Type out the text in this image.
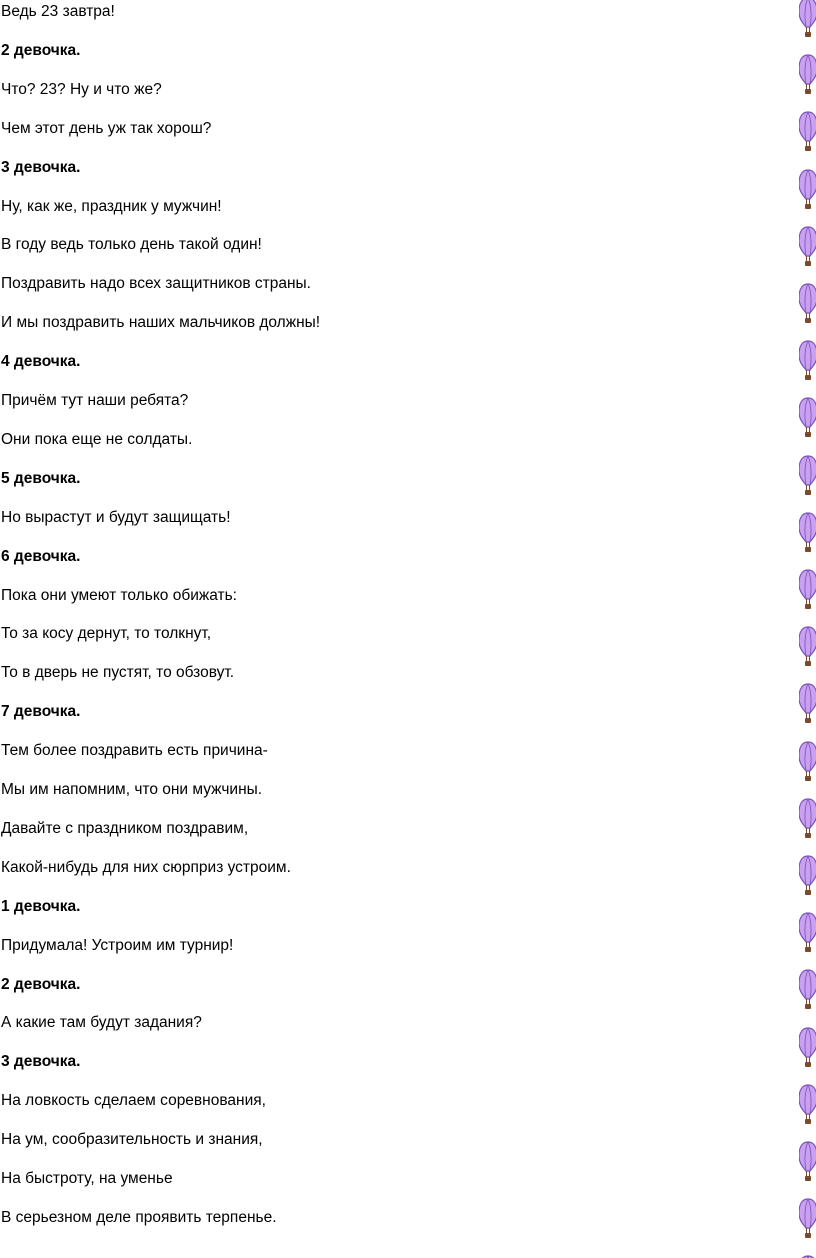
Ведь 23 завтра!
2 девочка.
Что? 23? Ну и что же?
Чем этот день уж так хорош?
3 девочка.
Ну, как же, праздник у мужчин!
В году ведь только день такой один!
Поздравить надо всех защитников страны.
И мы поздравить наших мальчиков должны!
4 девочка.
Причём тут наши ребята?
Они пока еще не солдаты.
5 девочка.
Но вырастут и будут защищать!
6 девочка.
Пока они умеют только обижать:
То за косу дернут, то толкнут,
То в дверь не пустят, то обзовут.
7 девочка.
Тем более поздравить есть причина-
Мы им напомним, что они мужчины.
Давайте с праздником поздравим,
Какой-нибудь для них сюрприз устроим.
1 девочка.
Придумала! Устроим им турнир!
2 девочка.
А какие там будут задания?
3 девочка.
На ловкость сделаем соревнования,
На ум, сообразительность и знания,
На быстроту, на уменье
В серьезном деле проявить терпенье.
